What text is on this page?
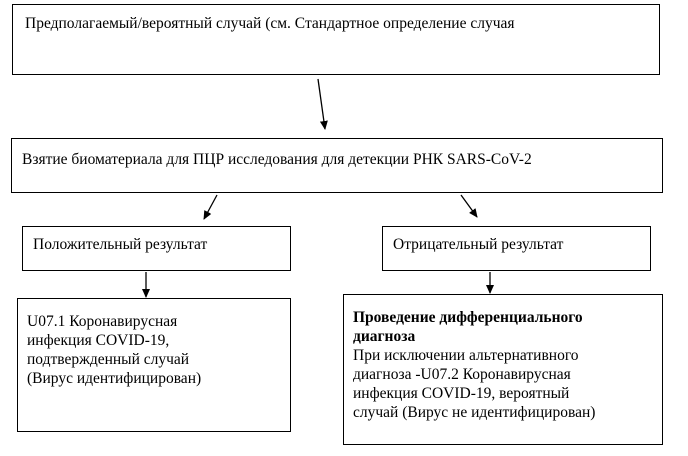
Предполагаемый/вероятный случай (см. Стандартное определение случая
Взятие биоматериала для ПЦР исследования для детекции РНК SARS-CoV-2
Положительный результат	Отрицательный результат
U07.1 Коронавирусная
инфекция COVID-19,
подтвержденный случай
(Вирус идентифицирован)
Проведение дифференциального
диагноза
При исключении альтернативного
диагноза -U07.2 Коронавирусная
инфекция COVID-19, вероятный
случай (Вирус не идентифицирован)
